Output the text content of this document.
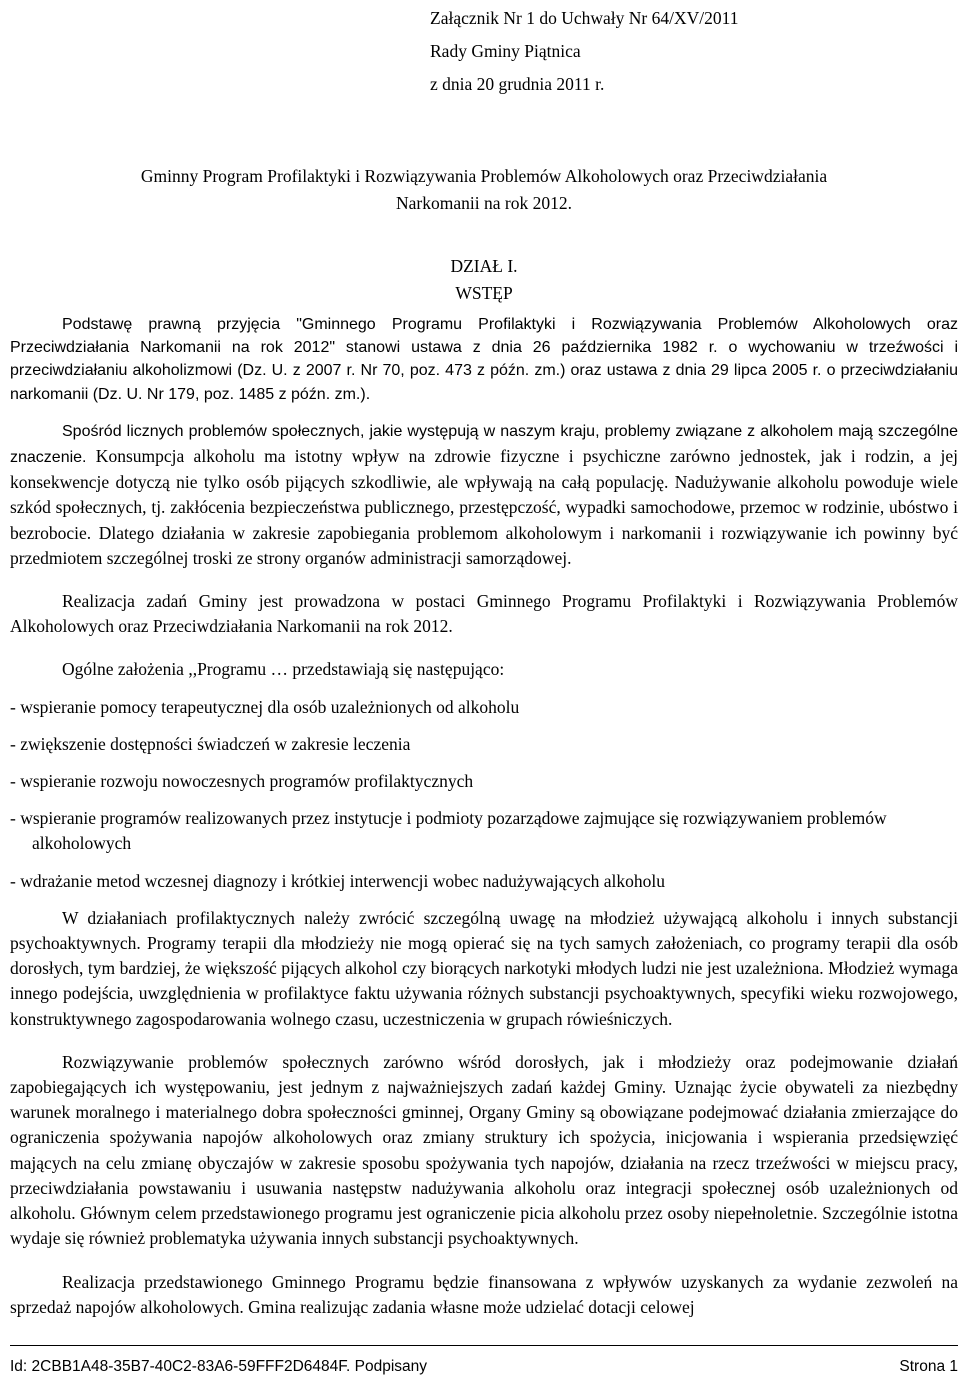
Załącznik Nr 1 do Uchwały Nr 64/XV/2011
Rady Gminy Piątnica
z dnia 20 grudnia 2011 r.
Gminny Program Profilaktyki i Rozwiązywania Problemów Alkoholowych oraz Przeciwdziałania
Narkomanii na rok 2012.
DZIAŁ I.
WSTĘP

Podstawę prawną przyjęcia "Gminnego Programu Profilaktyki i Rozwiązywania Problemów Alkoholowych oraz Przeciwdziałania Narkomanii na rok 2012" stanowi ustawa z dnia 26 października 1982 r. o wychowaniu w trzeźwości i przeciwdziałaniu alkoholizmowi (Dz. U. z 2007 r. Nr 70, poz. 473 z późn. zm.) oraz ustawa z dnia 29 lipca 2005 r. o przeciwdziałaniu narkomanii (Dz. U. Nr 179, poz. 1485 z późn. zm.).

Spośród licznych problemów społecznych, jakie występują w naszym kraju, problemy związane z alkoholem mają szczególne znaczenie. Konsumpcja alkoholu ma istotny wpływ na zdrowie fizyczne i psychiczne zarówno jednostek, jak i rodzin, a jej konsekwencje dotyczą nie tylko osób pijących szkodliwie, ale wpływają na całą populację. Nadużywanie alkoholu powoduje wiele szkód społecznych, tj. zakłócenia bezpieczeństwa publicznego, przestępczość, wypadki samochodowe, przemoc w rodzinie, ubóstwo i bezrobocie. Dlatego działania w zakresie zapobiegania problemom alkoholowym i narkomanii i rozwiązywanie ich powinny być przedmiotem szczególnej troski ze strony organów administracji samorządowej.

Realizacja zadań Gminy jest prowadzona w postaci Gminnego Programu Profilaktyki i Rozwiązywania Problemów Alkoholowych oraz Przeciwdziałania Narkomanii na rok 2012.

Ogólne założenia ,,Programu … przedstawiają się następująco:

- wspieranie pomocy terapeutycznej dla osób uzależnionych od alkoholu

- zwiększenie dostępności świadczeń w zakresie leczenia

- wspieranie rozwoju nowoczesnych programów profilaktycznych

- wspieranie programów realizowanych przez instytucje i podmioty pozarządowe zajmujące się rozwiązywaniem problemów alkoholowych

- wdrażanie metod wczesnej diagnozy i krótkiej interwencji wobec nadużywających alkoholu

W działaniach profilaktycznych należy zwrócić szczególną uwagę na młodzież używającą alkoholu i innych substancji psychoaktywnych. Programy terapii dla młodzieży nie mogą opierać się na tych samych założeniach, co programy terapii dla osób dorosłych, tym bardziej, że większość pijących alkohol czy biorących narkotyki młodych ludzi nie jest uzależniona. Młodzież wymaga innego podejścia, uwzględnienia w profilaktyce faktu używania różnych substancji psychoaktywnych, specyfiki wieku rozwojowego, konstruktywnego zagospodarowania wolnego czasu, uczestniczenia w grupach rówieśniczych.

Rozwiązywanie problemów społecznych zarówno wśród dorosłych, jak i młodzieży oraz podejmowanie działań zapobiegających ich występowaniu, jest jednym z najważniejszych zadań każdej Gminy. Uznając życie obywateli za niezbędny warunek moralnego i materialnego dobra społeczności gminnej, Organy Gminy są obowiązane podejmować działania zmierzające do ograniczenia spożywania napojów alkoholowych oraz zmiany struktury ich spożycia, inicjowania i wspierania przedsięwzięć mających na celu zmianę obyczajów w zakresie sposobu spożywania tych napojów, działania na rzecz trzeźwości w miejscu pracy, przeciwdziałania powstawaniu i usuwania następstw nadużywania alkoholu oraz integracji społecznej osób uzależnionych od alkoholu. Głównym celem przedstawionego programu jest ograniczenie picia alkoholu przez osoby niepełnoletnie. Szczególnie istotna wydaje się również problematyka używania innych substancji psychoaktywnych.

Realizacja przedstawionego Gminnego Programu będzie finansowana z wpływów uzyskanych za wydanie zezwoleń na sprzedaż napojów alkoholowych. Gmina realizując zadania własne może udzielać dotacji celowej

Id: 2CBB1A48-35B7-40C2-83A6-59FFF2D6484F. Podpisany	Strona 1
